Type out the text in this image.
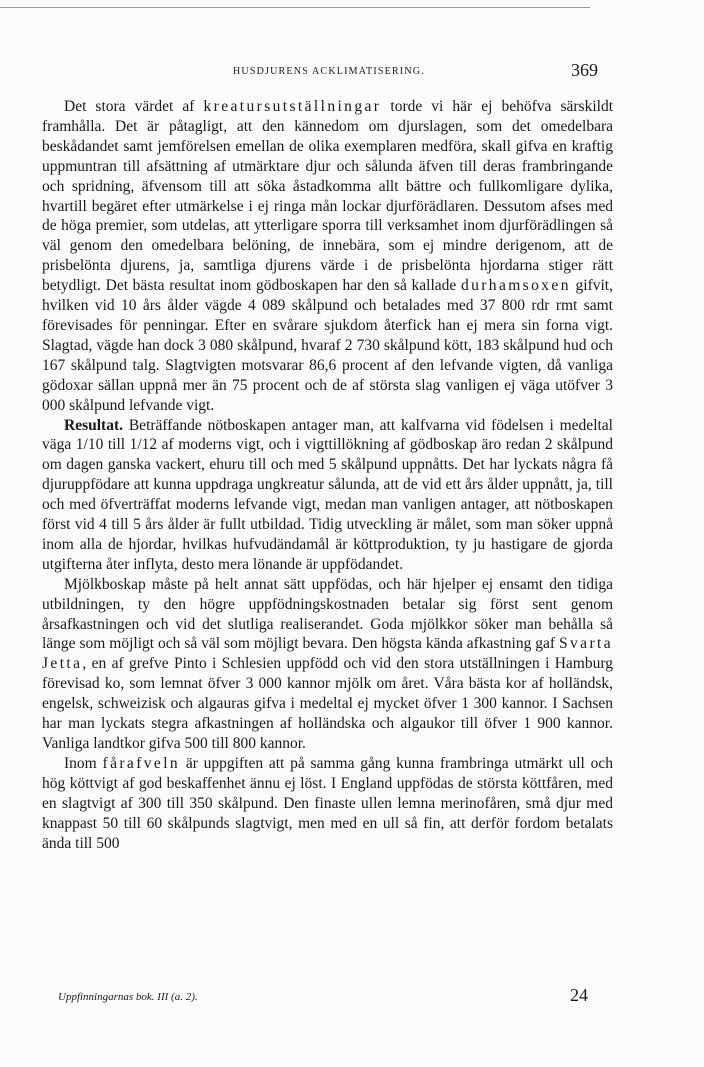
HUSDJURENS ACKLIMATISERING.	369

Det stora värdet af kreatursutställningar torde vi här ej behöfva särskildt framhålla. Det är påtagligt, att den kännedom om djurslagen, som det omedelbara beskådandet samt jemförelsen emellan de olika exemplaren medföra, skall gifva en kraftig uppmuntran till afsättning af utmärktare djur och sålunda äfven till deras frambringande och spridning, äfvensom till att söka åstadkomma allt bättre och fullkomligare dylika, hvartill begäret efter utmärkelse i ej ringa mån lockar djurförädlaren. Dessutom afses med de höga premier, som utdelas, att ytterligare sporra till verksamhet inom djurförädlingen så väl genom den omedelbara belöning, de innebära, som ej mindre derigenom, att de prisbelönta djurens, ja, samtliga djurens värde i de prisbelönta hjordarna stiger rätt betydligt. Det bästa resultat inom gödboskapen har den så kallade durhamsoxen gifvit, hvilken vid 10 års ålder vägde 4 089 skålpund och betalades med 37 800 rdr rmt samt förevisades för penningar. Efter en svårare sjukdom återfick han ej mera sin forna vigt. Slagtad, vägde han dock 3 080 skålpund, hvaraf 2 730 skålpund kött, 183 skålpund hud och 167 skålpund talg. Slagtvigten motsvarar 86,6 procent af den lefvande vigten, då vanliga gödoxar sällan uppnå mer än 75 procent och de af största slag vanligen ej väga utöfver 3 000 skålpund lefvande vigt.

Resultat. Beträffande nötboskapen antager man, att kalfvarna vid födelsen i medeltal väga 1/10 till 1/12 af moderns vigt, och i vigttillökning af gödboskap äro redan 2 skålpund om dagen ganska vackert, ehuru till och med 5 skålpund uppnåtts. Det har lyckats några få djuruppfödare att kunna uppdraga ungkreatur sålunda, att de vid ett års ålder uppnått, ja, till och med öfverträffat moderns lefvande vigt, medan man vanligen antager, att nötboskapen först vid 4 till 5 års ålder är fullt utbildad. Tidig utveckling är målet, som man söker uppnå inom alla de hjordar, hvilkas hufvudändamål är köttproduktion, ty ju hastigare de gjorda utgifterna åter inflyta, desto mera lönande är uppfödandet.

Mjölkboskap måste på helt annat sätt uppfödas, och här hjelper ej ensamt den tidiga utbildningen, ty den högre uppfödningskostnaden betalar sig först sent genom årsafkastningen och vid det slutliga realiserandet. Goda mjölkkor söker man behålla så länge som möjligt och så väl som möjligt bevara. Den högsta kända afkastning gaf Svarta Jetta, en af grefve Pinto i Schlesien uppfödd och vid den stora utställningen i Hamburg förevisad ko, som lemnat öfver 3 000 kannor mjölk om året. Våra bästa kor af holländsk, engelsk, schweizisk och algauras gifva i medeltal ej mycket öfver 1 300 kannor. I Sachsen har man lyckats stegra afkastningen af holländska och algaukor till öfver 1 900 kannor. Vanliga landtkor gifva 500 till 800 kannor.

Inom fårafveln är uppgiften att på samma gång kunna frambringa utmärkt ull och hög köttvigt af god beskaffenhet ännu ej löst. I England uppfödas de största köttfåren, med en slagtvigt af 300 till 350 skålpund. Den finaste ullen lemna merinofåren, små djur med knappast 50 till 60 skålpunds slagtvigt, men med en ull så fin, att derför fordom betalats ända till 500

Uppfinningarnas bok. III (a. 2).	24
